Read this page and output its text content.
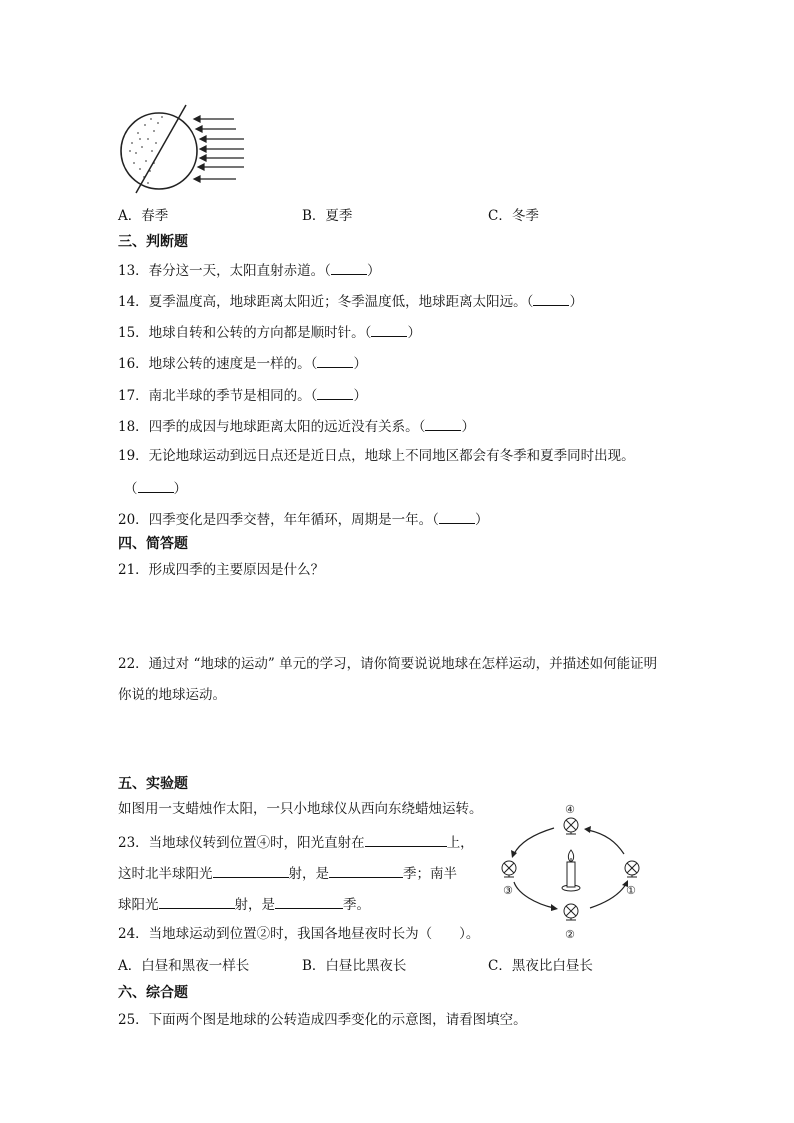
A．春季	B．夏季	C．冬季
三、判断题
13．春分这一天，太阳直射赤道。（	）
14．夏季温度高，地球距离太阳近；冬季温度低，地球距离太阳远。（	）
15．地球自转和公转的方向都是顺时针。（	）
16．地球公转的速度是一样的。（	）
17．南北半球的季节是相同的。（	）
18．四季的成因与地球距离太阳的远近没有关系。（	）
19．无论地球运动到远日点还是近日点，地球上不同地区都会有冬季和夏季同时出现。
（	）
20．四季变化是四季交替，年年循环，周期是一年。（	）
四、简答题
21．形成四季的主要原因是什么？
22．通过对 “地球的运动” 单元的学习，请你简要说说地球在怎样运动，并描述如何能证明
你说的地球运动。
五、实验题
如图用一支蜡烛作太阳，一只小地球仪从西向东绕蜡烛运转。
23．当地球仪转到位置④时，阳光直射在	上，
这时北半球阳光	射，是	季；南半
球阳光	射，是	季。
24．当地球运动到位置②时，我国各地昼夜时长为（　　）。
A．白昼和黑夜一样长	B．白昼比黑夜长	C．黑夜比白昼长
④
①
②
③
六、综合题
25．下面两个图是地球的公转造成四季变化的示意图，请看图填空。
